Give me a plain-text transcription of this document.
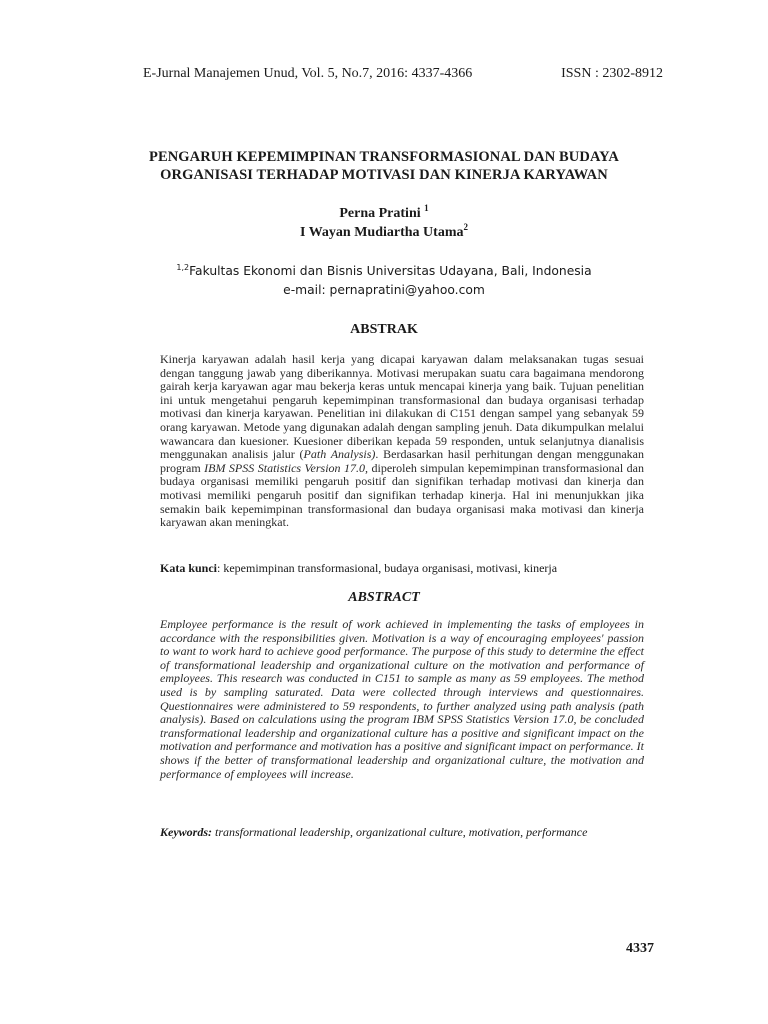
E-Jurnal Manajemen Unud, Vol. 5, No.7, 2016: 4337-4366	ISSN : 2302-8912
PENGARUH KEPEMIMPINAN TRANSFORMASIONAL DAN BUDAYA
ORGANISASI TERHADAP MOTIVASI DAN KINERJA KARYAWAN
Perna Pratini $^1$
I Wayan Mudiartha Utama$^2$
$^{1,2}$Fakultas Ekonomi dan Bisnis Universitas Udayana, Bali, Indonesia
e-mail: pernapratini@yahoo.com
ABSTRAK
Kinerja karyawan adalah hasil kerja yang dicapai karyawan dalam melaksanakan tugas sesuai dengan tanggung jawab yang diberikannya. Motivasi merupakan suatu cara bagaimana mendorong gairah kerja karyawan agar mau bekerja keras untuk mencapai kinerja yang baik. Tujuan penelitian ini untuk mengetahui pengaruh kepemimpinan transformasional dan budaya organisasi terhadap motivasi dan kinerja karyawan. Penelitian ini dilakukan di C151 dengan sampel yang sebanyak 59 orang karyawan. Metode yang digunakan adalah dengan sampling jenuh. Data dikumpulkan melalui wawancara dan kuesioner. Kuesioner diberikan kepada 59 responden, untuk selanjutnya dianalisis menggunakan analisis jalur (Path Analysis). Berdasarkan hasil perhitungan dengan menggunakan program IBM SPSS Statistics Version 17.0, diperoleh simpulan kepemimpinan transformasional dan budaya organisasi memiliki pengaruh positif dan signifikan terhadap motivasi dan kinerja dan motivasi memiliki pengaruh positif dan signifikan terhadap kinerja. Hal ini menunjukkan jika semakin baik kepemimpinan transformasional dan budaya organisasi maka motivasi dan kinerja karyawan akan meningkat.
Kata kunci: kepemimpinan transformasional, budaya organisasi, motivasi, kinerja
ABSTRACT
Employee performance is the result of work achieved in implementing the tasks of employees in accordance with the responsibilities given. Motivation is a way of encouraging employees' passion to want to work hard to achieve good performance. The purpose of this study to determine the effect of transformational leadership and organizational culture on the motivation and performance of employees. This research was conducted in C151 to sample as many as 59 employees. The method used is by sampling saturated. Data were collected through interviews and questionnaires. Questionnaires were administered to 59 respondents, to further analyzed using path analysis (path analysis). Based on calculations using the program IBM SPSS Statistics Version 17.0, be concluded transformational leadership and organizational culture has a positive and significant impact on the motivation and performance and motivation has a positive and significant impact on performance. It shows if the better of transformational leadership and organizational culture, the motivation and performance of employees will increase.
Keywords: transformational leadership, organizational culture, motivation, performance
4337
